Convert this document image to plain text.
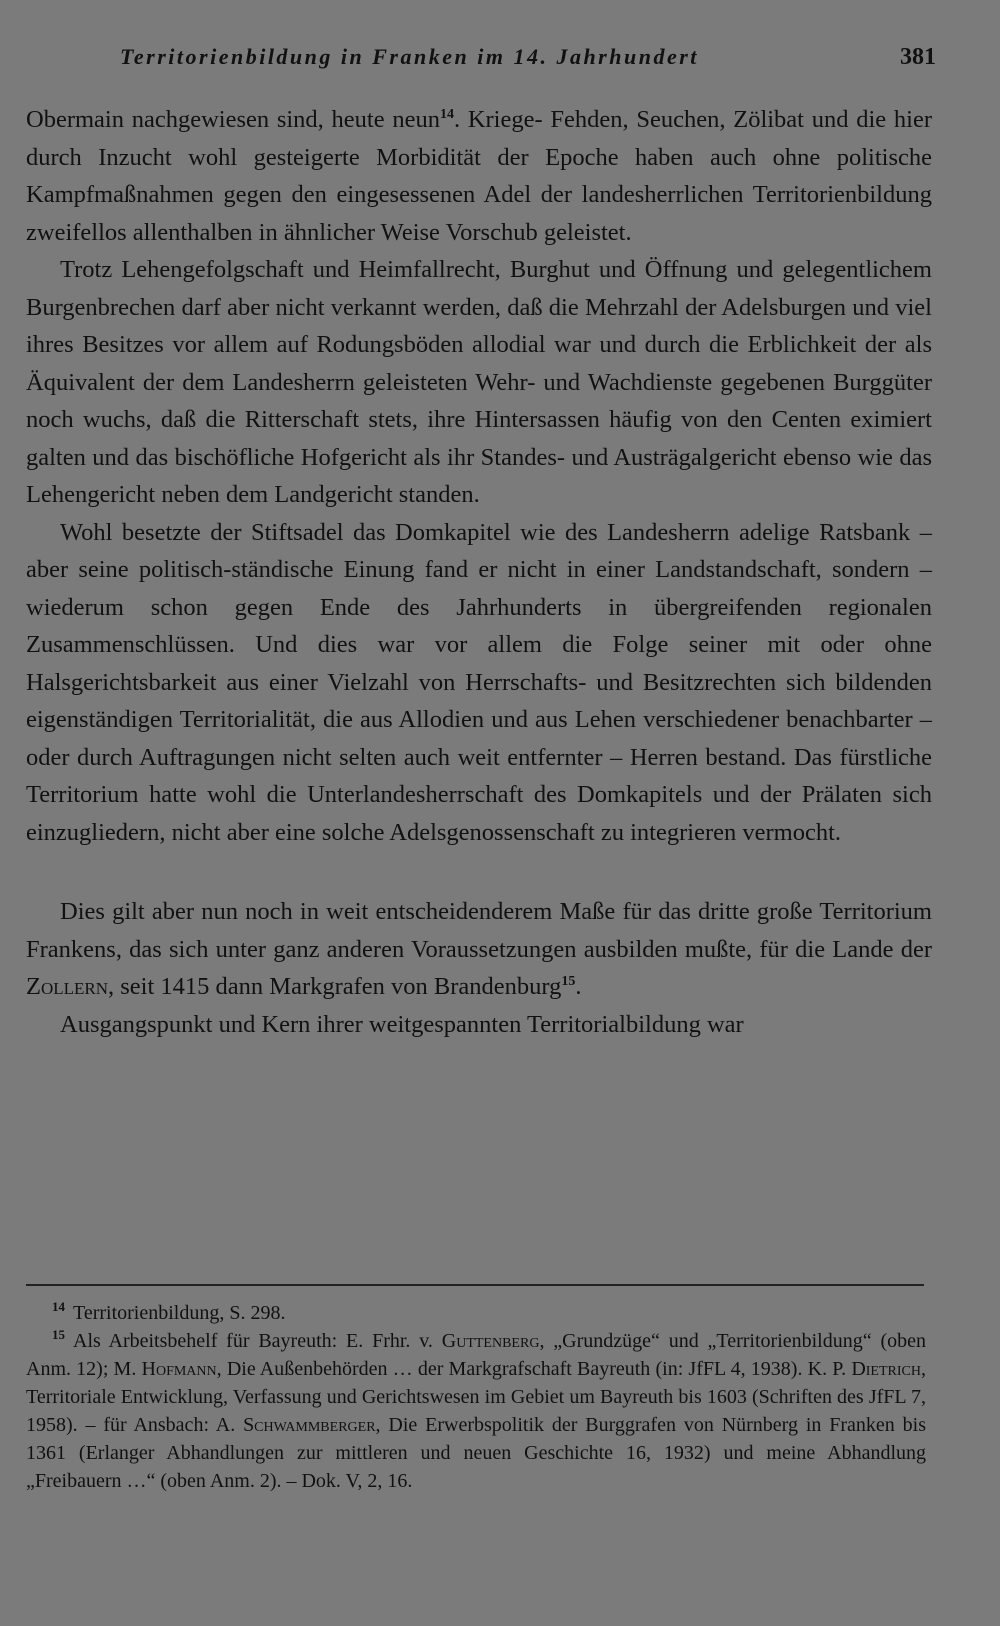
Territorienbildung in Franken im 14. Jahrhundert	381

Obermain nachgewiesen sind, heute neun$^{14}$. Kriege- Fehden, Seuchen, Zölibat und die hier durch Inzucht wohl gesteigerte Morbidität der Epoche haben auch ohne politische Kampfmaßnahmen gegen den eingesessenen Adel der landesherrlichen Territorienbildung zweifellos allenthalben in ähnlicher Weise Vorschub geleistet.

Trotz Lehengefolgschaft und Heimfallrecht, Burghut und Öffnung und gelegentlichem Burgenbrechen darf aber nicht verkannt werden, daß die Mehrzahl der Adelsburgen und viel ihres Besitzes vor allem auf Rodungsböden allodial war und durch die Erblichkeit der als Äquivalent der dem Landesherrn geleisteten Wehr- und Wachdienste gegebenen Burggüter noch wuchs, daß die Ritterschaft stets, ihre Hintersassen häufig von den Centen eximiert galten und das bischöfliche Hofgericht als ihr Standes- und Austrägalgericht ebenso wie das Lehengericht neben dem Landgericht standen.

Wohl besetzte der Stiftsadel das Domkapitel wie des Landesherrn adelige Ratsbank – aber seine politisch-ständische Einung fand er nicht in einer Landstandschaft, sondern – wiederum schon gegen Ende des Jahrhunderts in übergreifenden regionalen Zusammenschlüssen. Und dies war vor allem die Folge seiner mit oder ohne Halsgerichtsbarkeit aus einer Vielzahl von Herrschafts- und Besitzrechten sich bildenden eigenständigen Territorialität, die aus Allodien und aus Lehen verschiedener benachbarter – oder durch Auftragungen nicht selten auch weit entfernter – Herren bestand. Das fürstliche Territorium hatte wohl die Unterlandesherrschaft des Domkapitels und der Prälaten sich einzugliedern, nicht aber eine solche Adelsgenossenschaft zu integrieren vermocht.

Dies gilt aber nun noch in weit entscheidenderem Maße für das dritte große Territorium Frankens, das sich unter ganz anderen Voraussetzungen ausbilden mußte, für die Lande der Zollern, seit 1415 dann Markgrafen von Brandenburg$^{15}$.

Ausgangspunkt und Kern ihrer weitgespannten Territorialbildung war

$^{14}$ Territorienbildung, S. 298.

$^{15}$ Als Arbeitsbehelf für Bayreuth: E. Frhr. v. Guttenberg, „Grundzüge“ und „Territorienbildung“ (oben Anm. 12); M. Hofmann, Die Außenbehörden … der Markgrafschaft Bayreuth (in: JfFL 4, 1938). K. P. Dietrich, Territoriale Entwicklung, Verfassung und Gerichtswesen im Gebiet um Bayreuth bis 1603 (Schriften des JfFL 7, 1958). – für Ansbach: A. Schwammberger, Die Erwerbspolitik der Burggrafen von Nürnberg in Franken bis 1361 (Erlanger Abhandlungen zur mittleren und neuen Geschichte 16, 1932) und meine Abhandlung „Freibauern …“ (oben Anm. 2). – Dok. V, 2, 16.
